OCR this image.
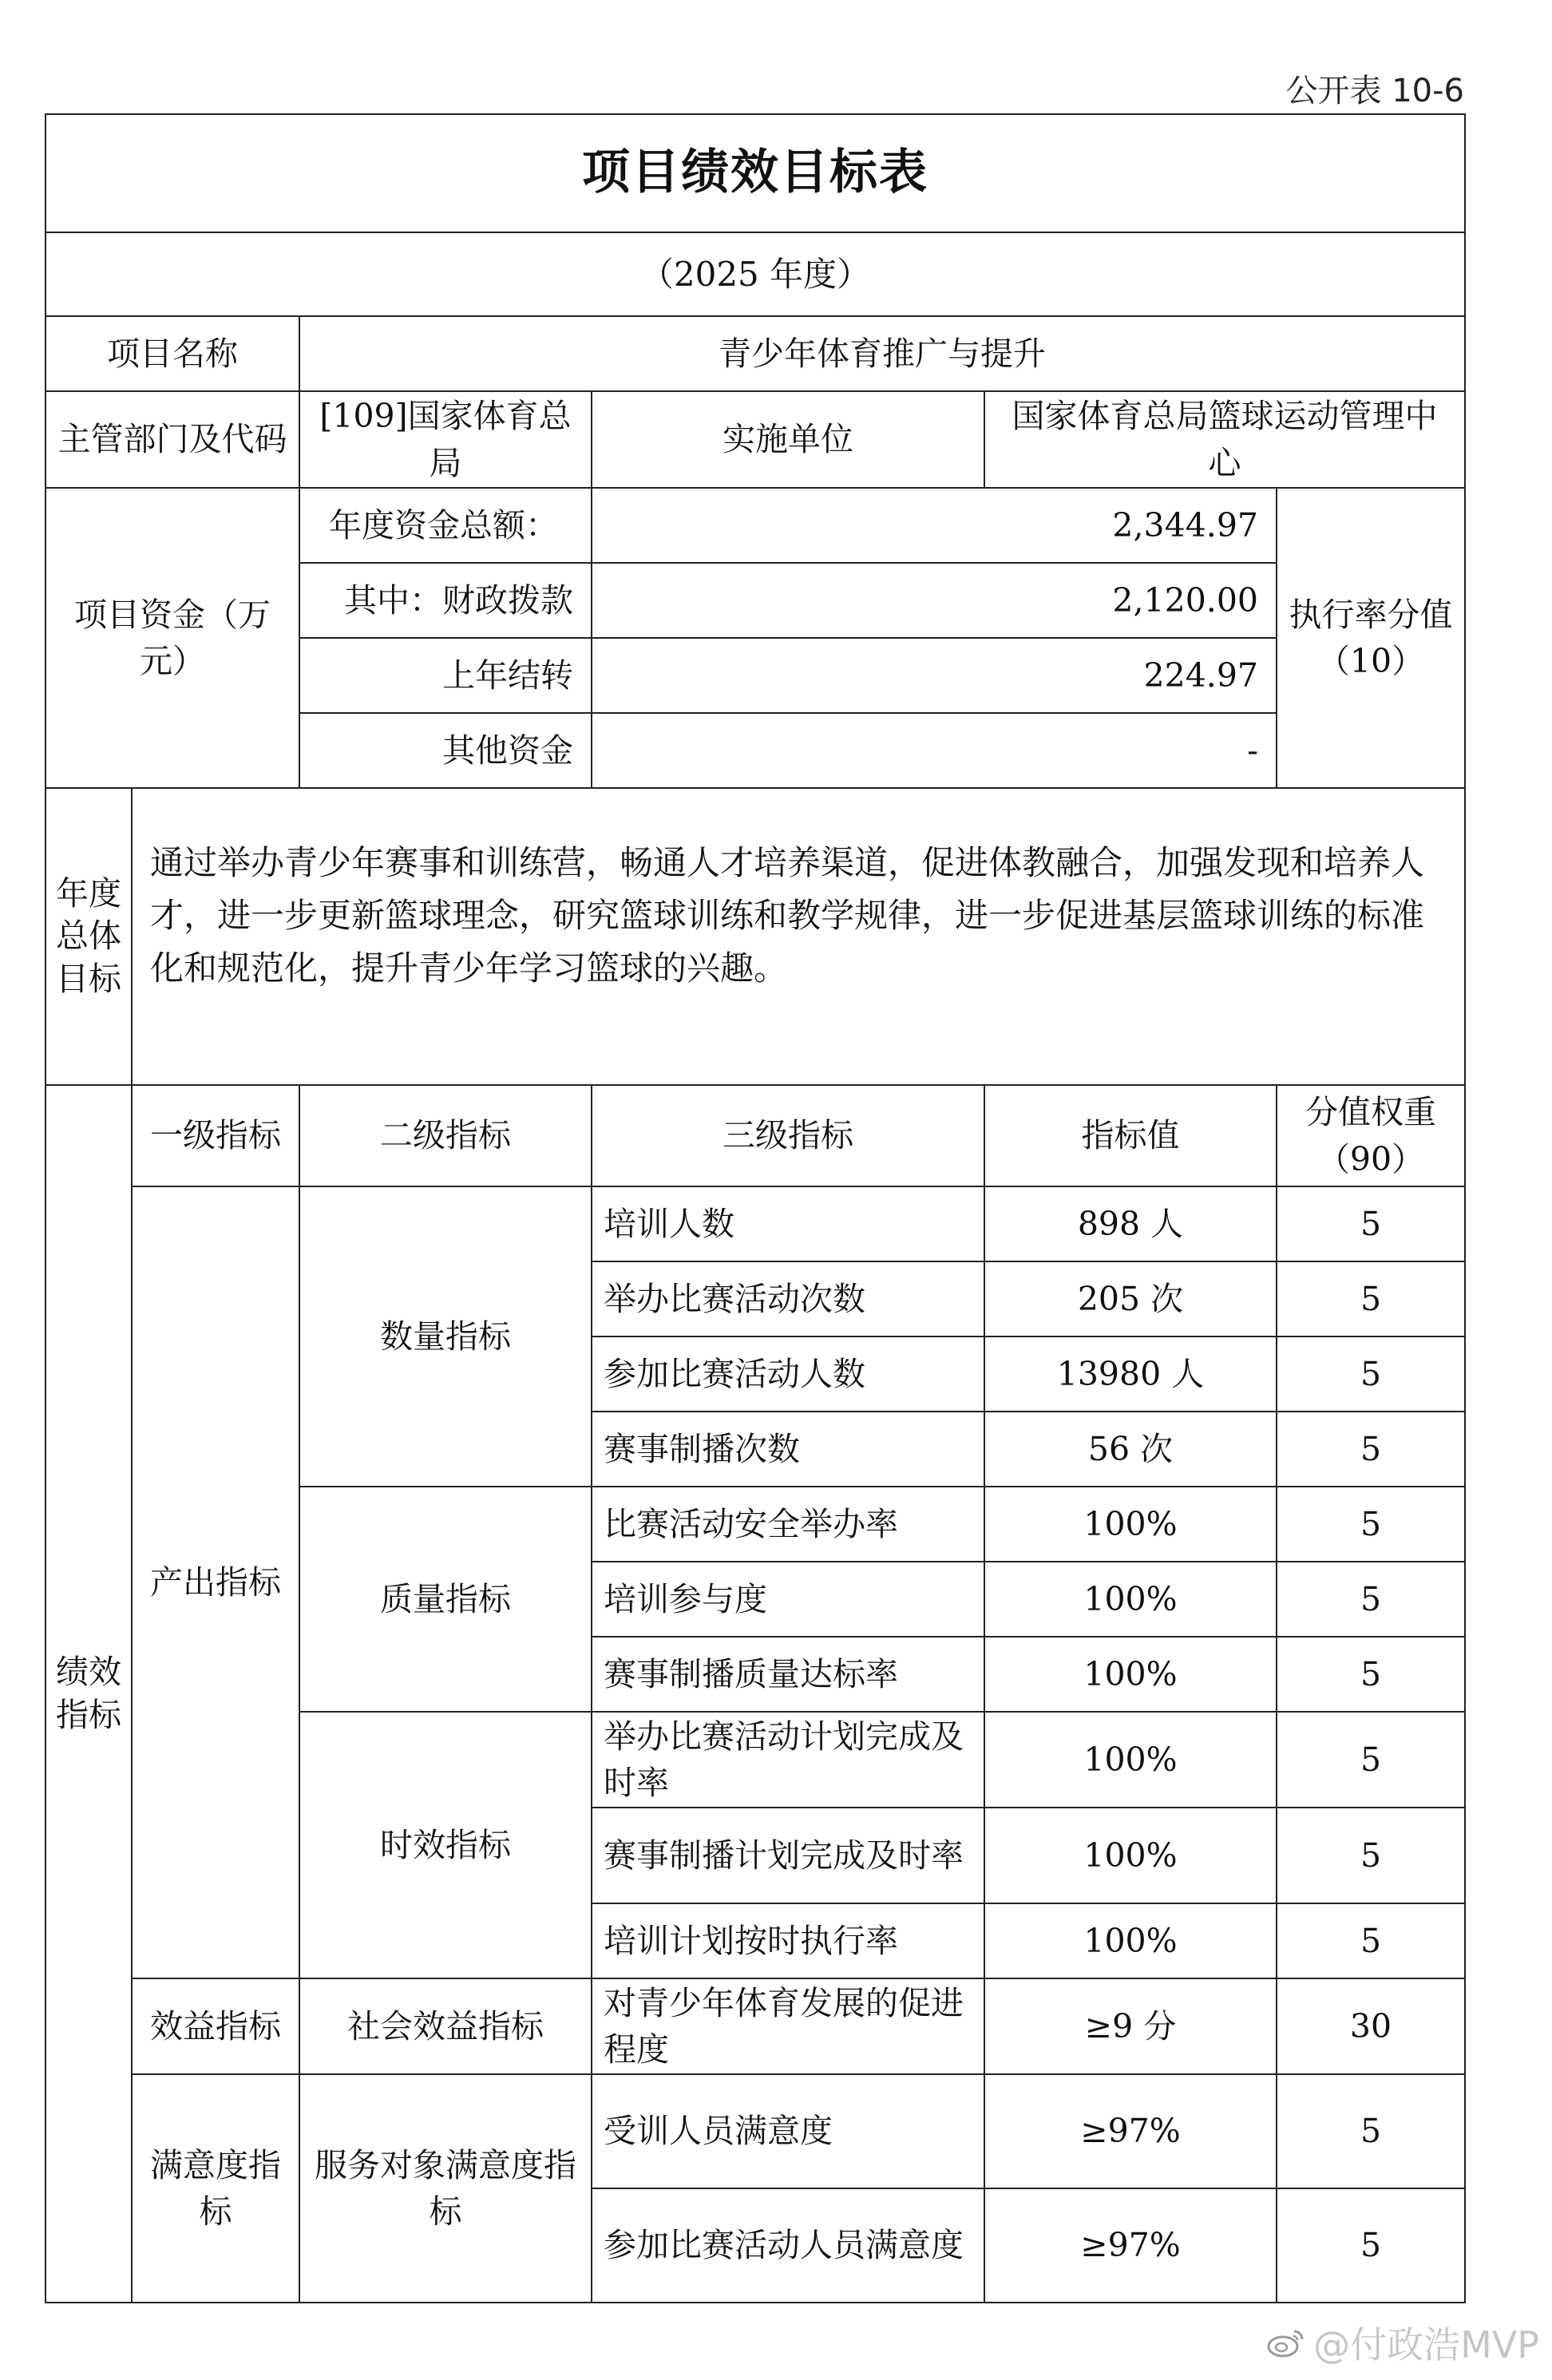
公开表 10-6
项目绩效目标表					
（2025 年度）					
项目名称		青少年体育推广与提升			
主管部门及代码		[109]国家体育总局	实施单位	国家体育总局篮球运动管理中心	
项目资金（万元）		年度资金总额：	2,344.97		执行率分值（10）
		其中：财政拨款	2,120.00		
		上年结转	224.97		
		其他资金	-		
年度总体目标	通过举办青少年赛事和训练营，畅通人才培养渠道，促进体教融合，加强发现和培养人才，进一步更新篮球理念，研究篮球训练和教学规律，进一步促进基层篮球训练的标准化和规范化，提升青少年学习篮球的兴趣。				
绩效指标	一级指标	二级指标	三级指标	指标值	分值权重（90）
	产出指标	数量指标	培训人数	898 人	5
			举办比赛活动次数	205 次	5
			参加比赛活动人数	13980 人	5
			赛事制播次数	56 次	5
		质量指标	比赛活动安全举办率	100%	5
			培训参与度	100%	5
			赛事制播质量达标率	100%	5
		时效指标	举办比赛活动计划完成及时率	100%	5
			赛事制播计划完成及时率	100%	5
			培训计划按时执行率	100%	5
	效益指标	社会效益指标	对青少年体育发展的促进程度	≥9 分	30
	满意度指标	服务对象满意度指标	受训人员满意度	≥97%	5
			参加比赛活动人员满意度	≥97%	5
@付政浩MVP
